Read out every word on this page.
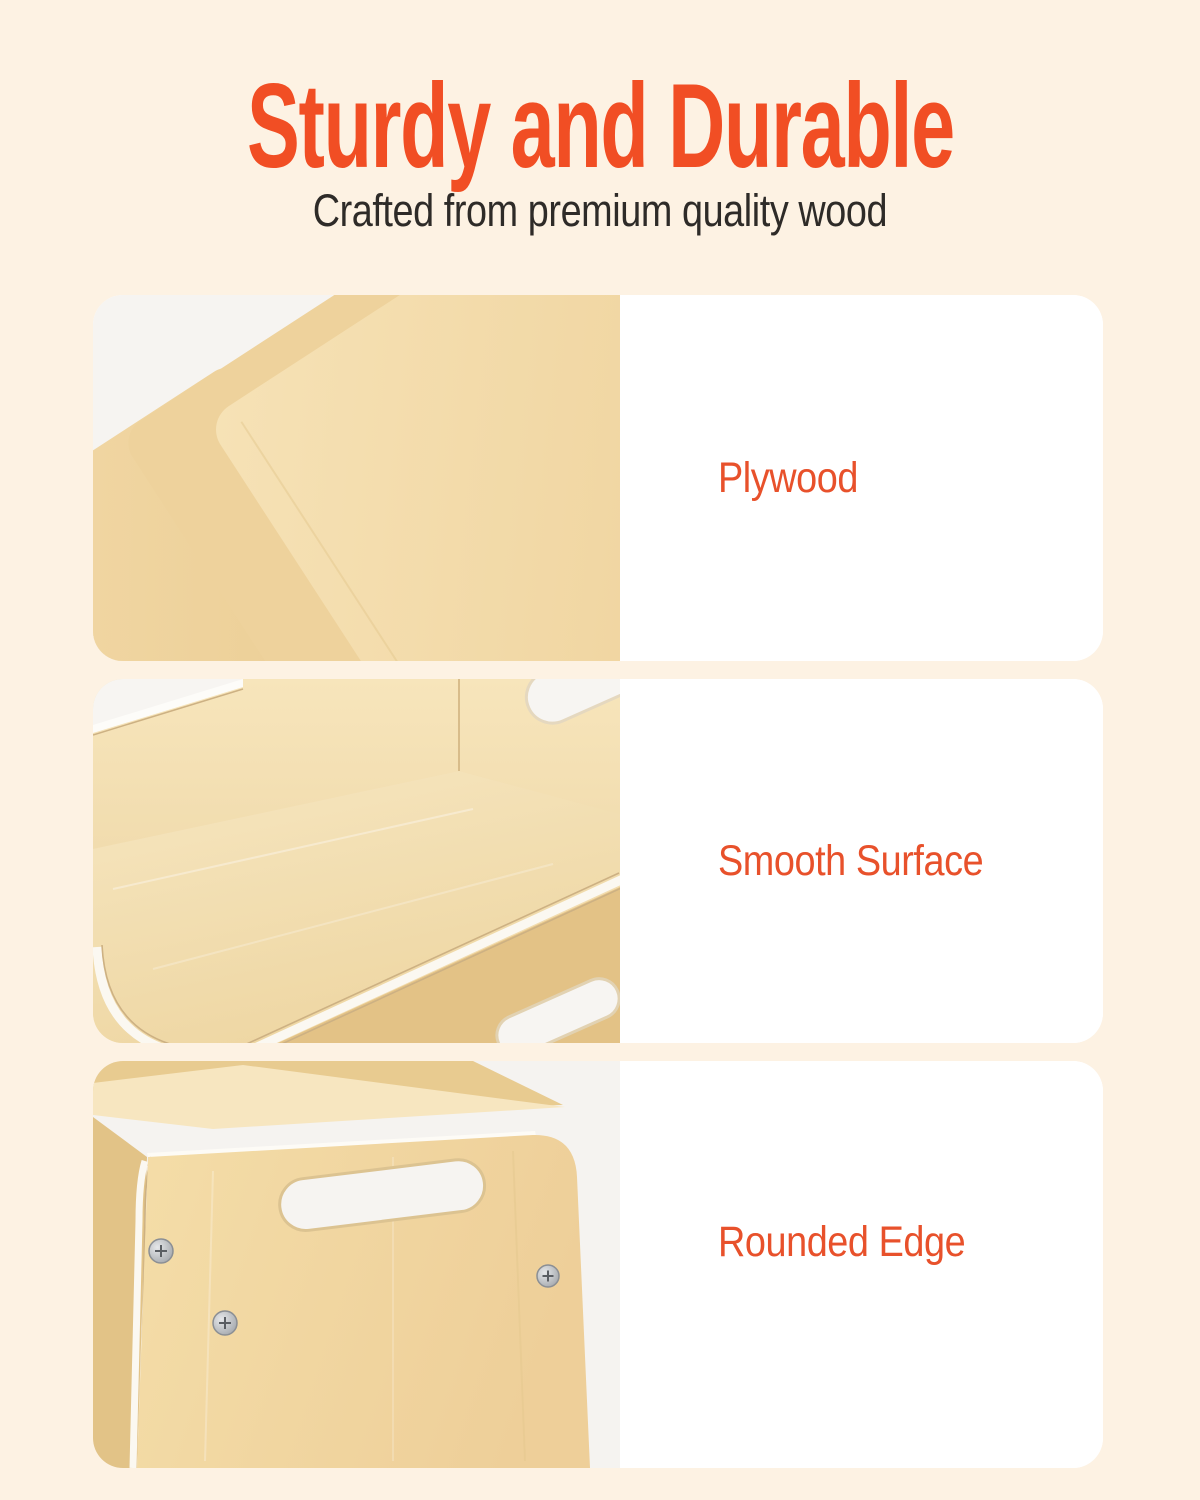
Sturdy and Durable
Crafted from premium quality wood
Plywood
Smooth Surface
Rounded Edge
